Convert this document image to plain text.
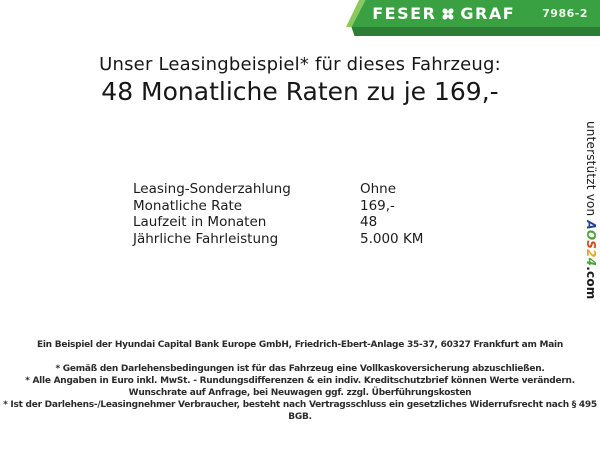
FESER GRAF 7986-2
Unser Leasingbeispiel* für dieses Fahrzeug:
48 Monatliche Raten zu je 169,-
Leasing-Sonderzahlung	Ohne
Monatliche Rate	169,-
Laufzeit in Monaten	48
Jährliche Fahrleistung	5.000 KM
Ein Beispiel der Hyundai Capital Bank Europe GmbH, Friedrich-Ebert-Anlage 35-37, 60327 Frankfurt am Main
* Gemäß den Darlehensbedingungen ist für das Fahrzeug eine Vollkaskoversicherung abzuschließen.
* Alle Angaben in Euro inkl. MwSt. - Rundungsdifferenzen & ein indiv. Kreditschutzbrief können Werte verändern.
Wunschrate auf Anfrage, bei Neuwagen ggf. zzgl. Überführungskosten
* Ist der Darlehens-/Leasingnehmer Verbraucher, besteht nach Vertragsschluss ein gesetzliches Widerrufsrecht nach § 495 BGB.
unterstützt von AOS24.com
